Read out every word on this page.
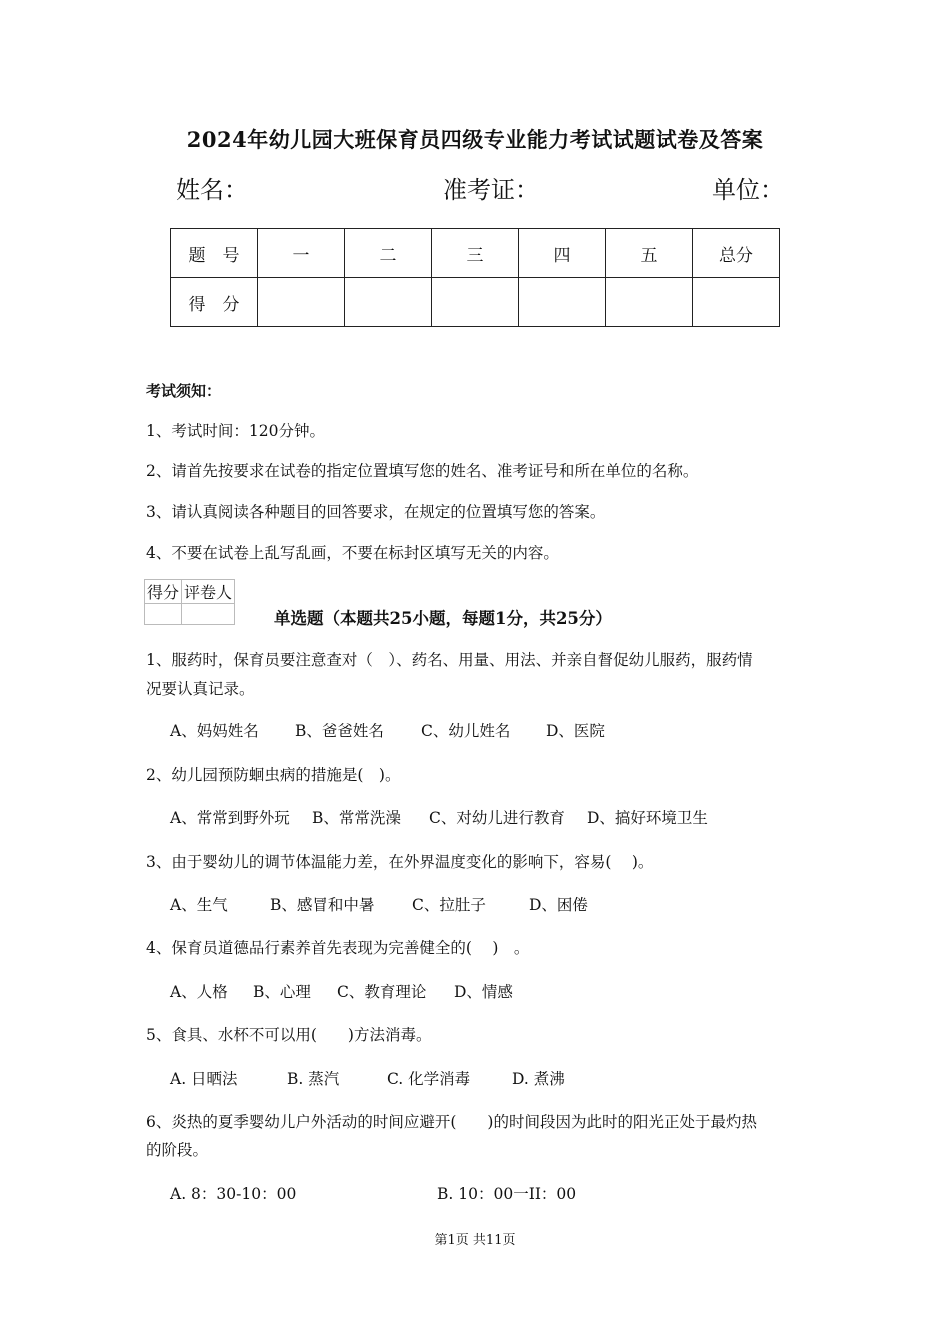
2024年幼儿园大班保育员四级专业能力考试试题试卷及答案
姓名：	准考证：	单位：
题　号	一	二	三	四	五	总分
得　分						
考试须知：
1、考试时间：120分钟。
2、请首先按要求在试卷的指定位置填写您的姓名、准考证号和所在单位的名称。
3、请认真阅读各种题目的回答要求，在规定的位置填写您的答案。
4、不要在试卷上乱写乱画，不要在标封区填写无关的内容。
得分	评卷人

单选题（本题共25小题，每题1分，共25分）
1、服药时，保育员要注意查对（　）、药名、用量、用法、并亲自督促幼儿服药，服药情
况要认真记录。
A、妈妈姓名 B、爸爸姓名 C、幼儿姓名 D、医院
2、幼儿园预防蛔虫病的措施是(　)。
A、常常到野外玩 B、常常洗澡 C、对幼儿进行教育 D、搞好环境卫生
3、由于婴幼儿的调节体温能力差，在外界温度变化的影响下，容易(　 )。
A、生气	B、感冒和中暑 C、拉肚子	D、困倦
4、保育员道德品行素养首先表现为完善健全的(　 )　。
A、人格 B、心理 C、教育理论 D、情感
5、食具、水杯不可以用(　　)方法消毒。
A. 日晒法	B. 蒸汽	C. 化学消毒	D. 煮沸
6、炎热的夏季婴幼儿户外活动的时间应避开(　　)的时间段因为此时的阳光正处于最灼热
的阶段。
A. 8：30-10：00	B. 10：00一II：00
第1页 共11页
